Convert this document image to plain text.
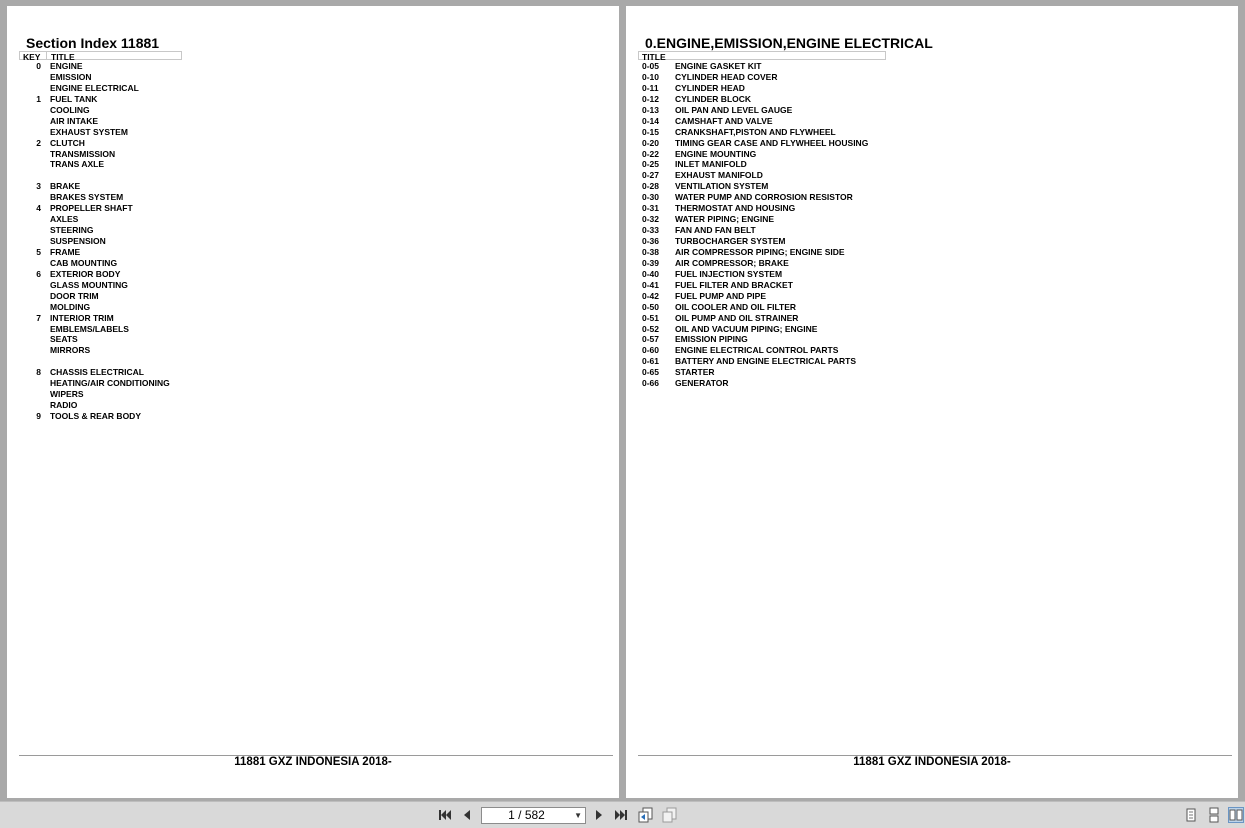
Section Index 11881
KEY TITLE
0 ENGINE
EMISSION
ENGINE ELECTRICAL
1 FUEL TANK
COOLING
AIR INTAKE
EXHAUST SYSTEM
2 CLUTCH
TRANSMISSION
TRANS AXLE
3 BRAKE
BRAKES SYSTEM
4 PROPELLER SHAFT
AXLES
STEERING
SUSPENSION
5 FRAME
CAB MOUNTING
6 EXTERIOR BODY
GLASS MOUNTING
DOOR TRIM
MOLDING
7 INTERIOR TRIM
EMBLEMS/LABELS
SEATS
MIRRORS
8 CHASSIS ELECTRICAL
HEATING/AIR CONDITIONING
WIPERS
RADIO
9 TOOLS & REAR BODY
11881 GXZ INDONESIA 2018-
0.ENGINE,EMISSION,ENGINE ELECTRICAL
TITLE
0-05 ENGINE GASKET KIT
0-10 CYLINDER HEAD COVER
0-11 CYLINDER HEAD
0-12 CYLINDER BLOCK
0-13 OIL PAN AND LEVEL GAUGE
0-14 CAMSHAFT AND VALVE
0-15 CRANKSHAFT,PISTON AND FLYWHEEL
0-20 TIMING GEAR CASE AND FLYWHEEL HOUSING
0-22 ENGINE MOUNTING
0-25 INLET MANIFOLD
0-27 EXHAUST MANIFOLD
0-28 VENTILATION SYSTEM
0-30 WATER PUMP AND CORROSION RESISTOR
0-31 THERMOSTAT AND HOUSING
0-32 WATER PIPING; ENGINE
0-33 FAN AND FAN BELT
0-36 TURBOCHARGER SYSTEM
0-38 AIR COMPRESSOR PIPING; ENGINE SIDE
0-39 AIR COMPRESSOR; BRAKE
0-40 FUEL INJECTION SYSTEM
0-41 FUEL FILTER AND BRACKET
0-42 FUEL PUMP AND PIPE
0-50 OIL COOLER AND OIL FILTER
0-51 OIL PUMP AND OIL STRAINER
0-52 OIL AND VACUUM PIPING; ENGINE
0-57 EMISSION PIPING
0-60 ENGINE ELECTRICAL CONTROL PARTS
0-61 BATTERY AND ENGINE ELECTRICAL PARTS
0-65 STARTER
0-66 GENERATOR
11881 GXZ INDONESIA 2018-
1 / 582	▼
